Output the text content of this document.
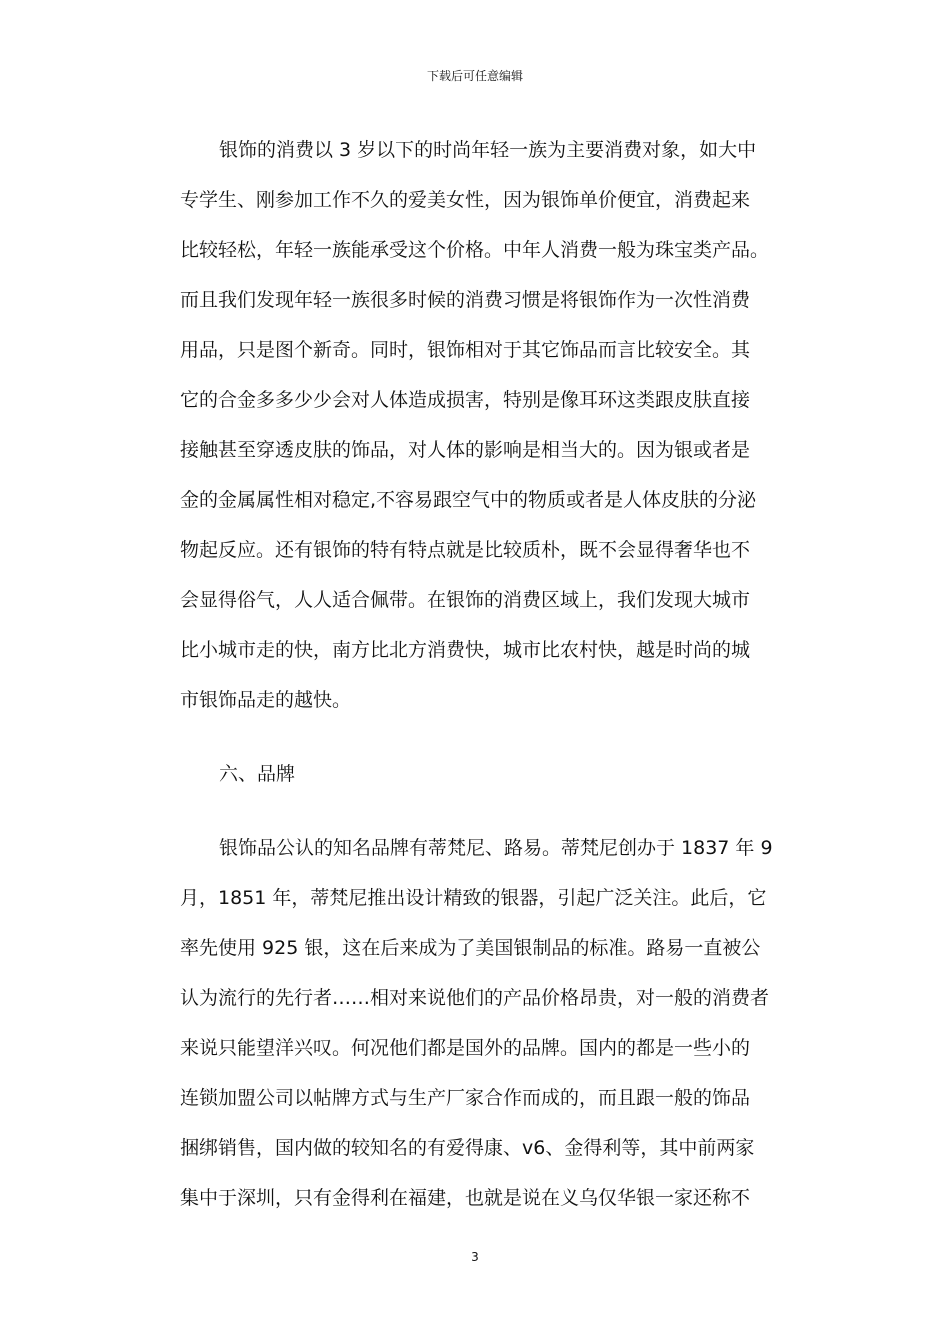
下载后可任意编辑
银饰的消费以 3 岁以下的时尚年轻一族为主要消费对象，如大中
专学生、刚参加工作不久的爱美女性，因为银饰单价便宜，消费起来
比较轻松，年轻一族能承受这个价格。中年人消费一般为珠宝类产品。
而且我们发现年轻一族很多时候的消费习惯是将银饰作为一次性消费
用品，只是图个新奇。同时，银饰相对于其它饰品而言比较安全。其
它的合金多多少少会对人体造成损害，特别是像耳环这类跟皮肤直接
接触甚至穿透皮肤的饰品，对人体的影响是相当大的。因为银或者是
金的金属属性相对稳定,不容易跟空气中的物质或者是人体皮肤的分泌
物起反应。还有银饰的特有特点就是比较质朴，既不会显得奢华也不
会显得俗气，人人适合佩带。在银饰的消费区域上，我们发现大城市
比小城市走的快，南方比北方消费快，城市比农村快，越是时尚的城
市银饰品走的越快。
六、品牌
银饰品公认的知名品牌有蒂梵尼、路易。蒂梵尼创办于 1837 年 9
月，1851 年，蒂梵尼推出设计精致的银器，引起广泛关注。此后，它
率先使用 925 银，这在后来成为了美国银制品的标准。路易一直被公
认为流行的先行者……相对来说他们的产品价格昂贵，对一般的消费者
来说只能望洋兴叹。何况他们都是国外的品牌。国内的都是一些小的
连锁加盟公司以帖牌方式与生产厂家合作而成的，而且跟一般的饰品
捆绑销售，国内做的较知名的有爱得康、v6、金得利等，其中前两家
集中于深圳，只有金得利在福建，也就是说在义乌仅华银一家还称不
3
